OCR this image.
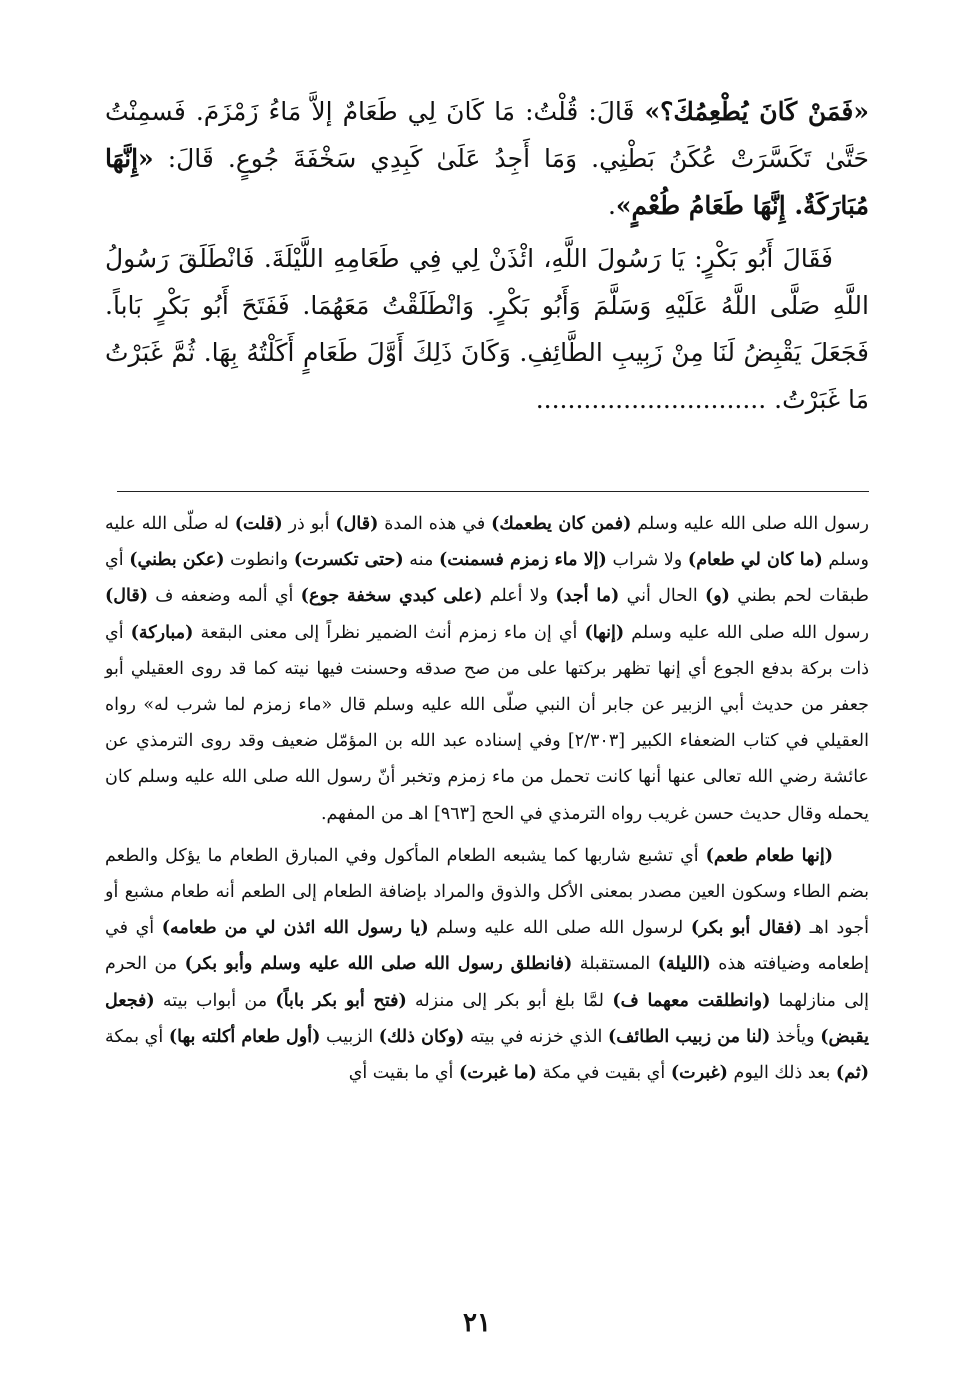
«فَمَنْ كَانَ يُطْعِمُكَ؟» قَالَ: قُلْتُ: مَا كَانَ لِي طَعَامٌ إلاَّ مَاءُ زَمْزَمَ. فَسمِنْتُ حَتَّىٰ تَكَسَّرَتْ عُكَنُ بَطْنِي. وَمَا أَجِدُ عَلَىٰ كَبِدِي سَخْفَةَ جُوعٍ. قَالَ: «إِنَّهَا مُبَارَكَةٌ. إِنَّهَا طَعَامُ طُعْمٍ».

فَقَالَ أَبُو بَكْرٍ: يَا رَسُولَ اللَّهِ، ائْذَنْ لِي فِي طَعَامِهِ اللَّيْلَةَ. فَانْطَلَقَ رَسُولُ اللَّهِ صَلَّى اللَّهُ عَلَيْهِ وَسَلَّمَ وَأَبُو بَكْرٍ. وَانْطَلَقْتُ مَعَهُمَا. فَفَتَحَ أَبُو بَكْرٍ بَاباً. فَجَعَلَ يَقْبِضُ لَنَا مِنْ زَبِيبِ الطَّائِفِ. وَكَانَ ذَلِكَ أَوَّلَ طَعَامٍ أَكَلْتُهُ بِهَا. ثُمَّ غَبَرْتُ مَا غَبَرْتُ. .............................

رسول الله صلى الله عليه وسلم (فمن كان يطعمك) في هذه المدة (قال) أبو ذر (قلت) له صلّى الله عليه وسلم (ما كان لي طعام) ولا شراب (إلا ماء زمزم فسمنت) منه (حتى تكسرت) وانطوت (عكن بطني) أي طبقات لحم بطني (و) الحال أني (ما أجد) ولا أعلم (على كبدي سخفة جوع) أي ألمه وضعفه ف (قال) رسول الله صلى الله عليه وسلم (إنها) أي إن ماء زمزم أنث الضمير نظراً إلى معنى البقعة (مباركة) أي ذات بركة بدفع الجوع أي إنها تظهر بركتها على من صح صدقه وحسنت فيها نيته كما قد روى العقيلي أبو جعفر من حديث أبي الزبير عن جابر أن النبي صلّى الله عليه وسلم قال «ماء زمزم لما شرب له» رواه العقيلي في كتاب الضعفاء الكبير [٢/٣٠٣] وفي إسناده عبد الله بن المؤمّل ضعيف وقد روى الترمذي عن عائشة رضي الله تعالى عنها أنها كانت تحمل من ماء زمزم وتخبر أنّ رسول الله صلى الله عليه وسلم كان يحمله وقال حديث حسن غريب رواه الترمذي في الحج [٩٦٣] اهـ من المفهم.

(إنها طعام طعم) أي تشبع شاربها كما يشبعه الطعام المأكول وفي المبارق الطعام ما يؤكل والطعم بضم الطاء وسكون العين مصدر بمعنى الأكل والذوق والمراد بإضافة الطعام إلى الطعم أنه طعام مشبع أو أجود اهـ (فقال أبو بكر) لرسول الله صلى الله عليه وسلم (يا رسول الله ائذن لي من طعامه) أي في إطعامه وضيافته هذه (الليلة) المستقبلة (فانطلق رسول الله صلى الله عليه وسلم وأبو بكر) من الحرم إلى منازلهما (وانطلقت معهما ف) لمَّا بلغ أبو بكر إلى منزله (فتح أبو بكر باباً) من أبواب بيته (فجعل يقبض) ويأخذ (لنا من زبيب الطائف) الذي خزنه في بيته (وكان ذلك) الزبيب (أول طعام أكلته بها) أي بمكة (ثم) بعد ذلك اليوم (غبرت) أي بقيت في مكة (ما غبرت) أي ما بقيت أي

٢١
